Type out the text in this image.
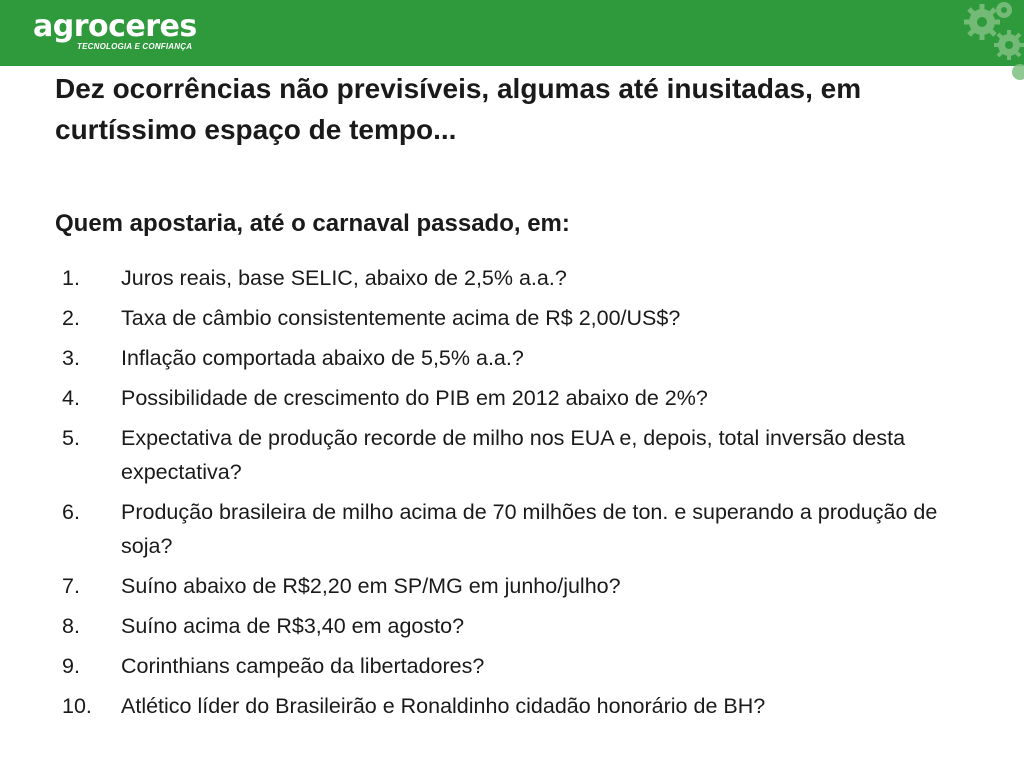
agroceres
TECNOLOGIA E CONFIANÇA
Dez ocorrências não previsíveis, algumas até inusitadas, em curtíssimo espaço de tempo...
Quem apostaria, até o carnaval passado, em:
1.	Juros reais, base SELIC, abaixo de 2,5% a.a.?
2.	Taxa de câmbio consistentemente acima de R$ 2,00/US$?
3.	Inflação comportada abaixo de 5,5% a.a.?
4.	Possibilidade de crescimento do PIB em 2012 abaixo de 2%?
5.	Expectativa de produção recorde de milho nos EUA e, depois, total inversão desta expectativa?
6.	Produção brasileira de milho acima de 70 milhões de ton. e superando a produção de soja?
7.	Suíno abaixo de R$2,20 em SP/MG em junho/julho?
8.	Suíno acima de R$3,40 em agosto?
9.	Corinthians campeão da libertadores?
10.	Atlético líder do Brasileirão e Ronaldinho cidadão honorário de BH?
